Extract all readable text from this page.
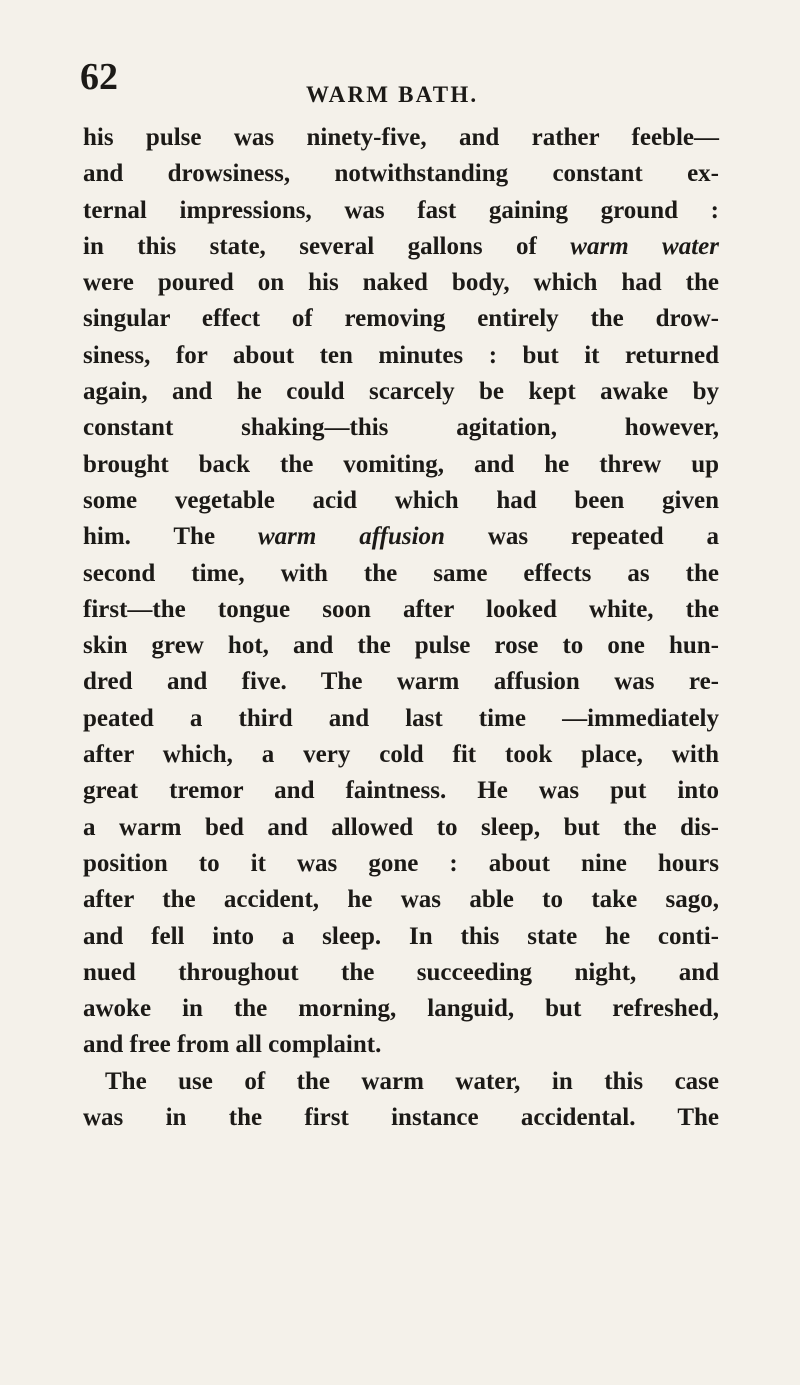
62	WARM BATH.
his pulse was ninety-five, and rather feeble—
and drowsiness, notwithstanding constant ex-
ternal impressions, was fast gaining ground :
in this state, several gallons of warm water
were poured on his naked body, which had the
singular effect of removing entirely the drow-
siness, for about ten minutes : but it returned
again, and he could scarcely be kept awake by
constant shaking—this agitation, however,
brought back the vomiting, and he threw up
some vegetable acid which had been given
him. The warm affusion was repeated a
second time, with the same effects as the
first—the tongue soon after looked white, the
skin grew hot, and the pulse rose to one hun-
dred and five. The warm affusion was re-
peated a third and last time —immediately
after which, a very cold fit took place, with
great tremor and faintness. He was put into
a warm bed and allowed to sleep, but the dis-
position to it was gone : about nine hours
after the accident, he was able to take sago,
and fell into a sleep. In this state he conti-
nued throughout the succeeding night, and
awoke in the morning, languid, but refreshed,
and free from all complaint.
The use of the warm water, in this case
was in the first instance accidental. The
